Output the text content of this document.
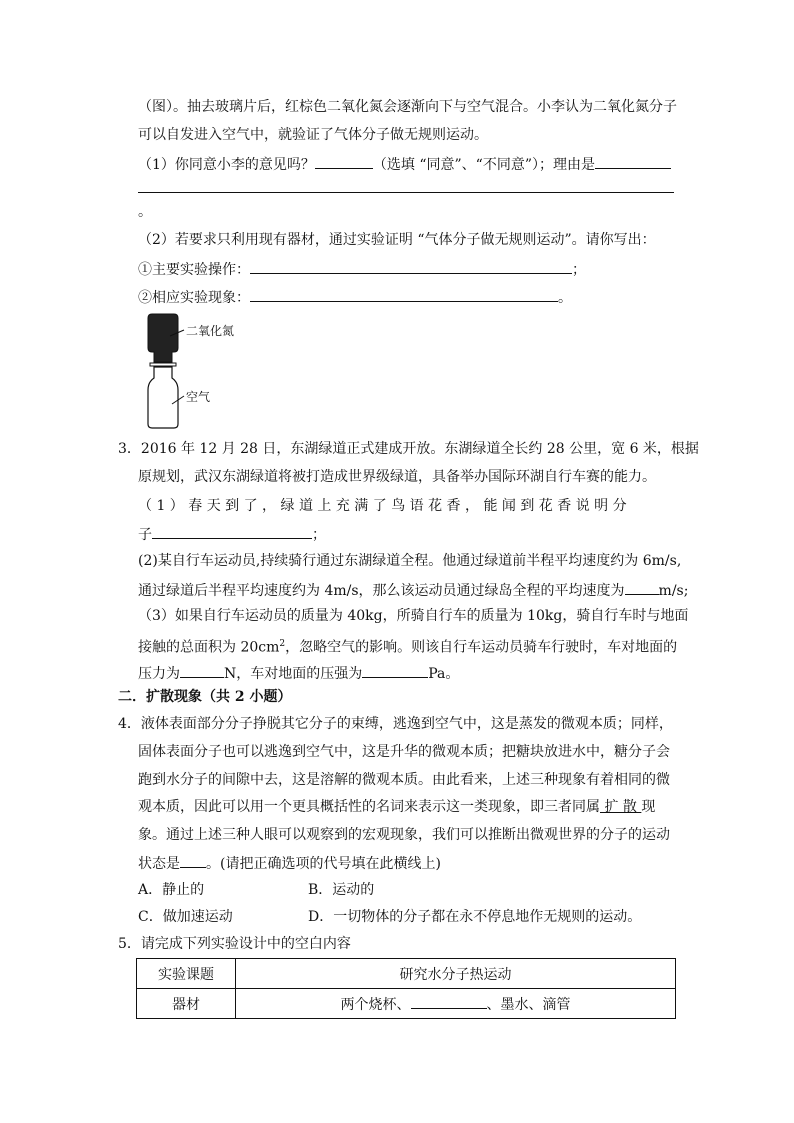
（图）。抽去玻璃片后，红棕色二氧化氮会逐渐向下与空气混合。小李认为二氧化氮分子
可以自发进入空气中，就验证了气体分子做无规则运动。
（1）你同意小李的意见吗？	（选填 “同意”、“不同意”）；理由是
。
（2）若要求只利用现有器材，通过实验证明 “气体分子做无规则运动”。请你写出：
①主要实验操作：	；
②相应实验现象：	。
二氧化氮
空气
3．2016 年 12 月 28 日，东湖绿道正式建成开放。东湖绿道全长约 28 公里，宽 6 米，根据
原规划，武汉东湖绿道将被打造成世界级绿道，具备举办国际环湖自行车赛的能力。
（ 1 ） 春 天 到 了 ， 绿 道 上 充 满 了 鸟 语 花 香 ， 能 闻 到 花 香 说 明 分
子	；
(2)某自行车运动员,持续骑行通过东湖绿道全程。他通过绿道前半程平均速度约为 6m/s,
通过绿道后半程平均速度约为 4m/s，那么该运动员通过绿岛全程的平均速度为 m/s;
（3）如果自行车运动员的质量为 40kg，所骑自行车的质量为 10kg，骑自行车时与地面
接触的总面积为 $20cm^2$，忽略空气的影响。则该自行车运动员骑车行驶时，车对地面的
压力为	N，车对地面的压强为	Pa。
二．扩散现象（共 2 小题）
4．液体表面部分分子挣脱其它分子的束缚，逃逸到空气中，这是蒸发的微观本质；同样，
固体表面分子也可以逃逸到空气中，这是升华的微观本质；把糖块放进水中，糖分子会
跑到水分子的间隙中去，这是溶解的微观本质。由此看来，上述三种现象有着相同的微
观本质，因此可以用一个更具概括性的名词来表示这一类现象，即三者同属 扩 散 现
象。通过上述三种人眼可以观察到的宏观现象，我们可以推断出微观世界的分子的运动
状态是 。(请把正确选项的代号填在此横线上)
A．静止的	B．运动的
C．做加速运动	D．一切物体的分子都在永不停息地作无规则的运动。
5．请完成下列实验设计中的空白内容
实验课题	研究水分子热运动
器材	两个烧杯、 、墨水、滴管
